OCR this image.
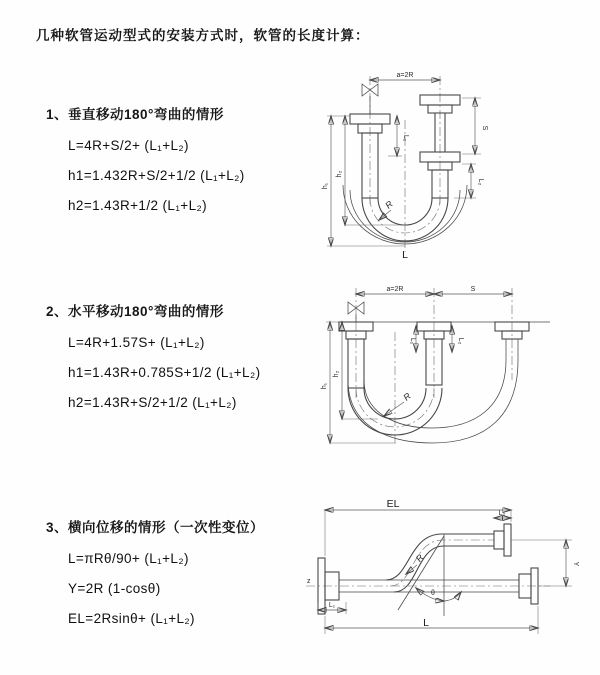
几种软管运动型式的安装方式时，软管的长度计算：
1、垂直移动180°弯曲的情形
L=4R+S/2+ (L₁+L₂)
h1=1.432R+S/2+1/2 (L₁+L₂)
h2=1.43R+1/2 (L₁+L₂)
a=2R
L₁
S
L₂
h₁
h₂
R
L
2、水平移动180°弯曲的情形
L=4R+1.57S+ (L₁+L₂)
h1=1.43R+0.785S+1/2 (L₁+L₂)
h2=1.43R+S/2+1/2 (L₁+L₂)
a=2R	S
L₁	L₂
h₁
h₂
R
3、横向位移的情形（一次性变位）
L=πRθ/90+ (L₁+L₂)
Y=2R (1-cosθ)
EL=2Rsinθ+ (L₁+L₂)
z
EL
L₂
Y
θ
R
L₁
L
